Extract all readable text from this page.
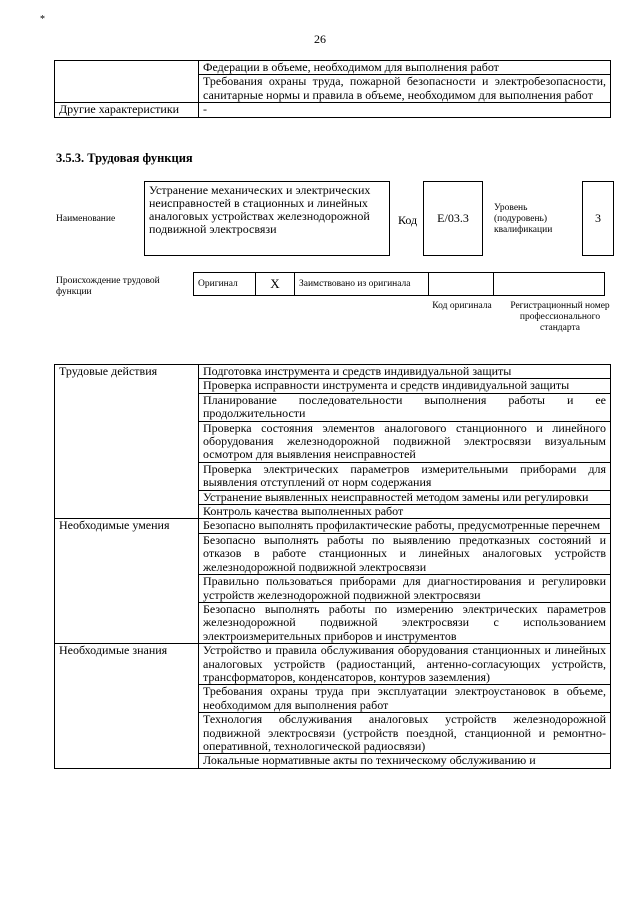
*
26
	Федерации в объеме, необходимом для выполнения работ
	Требования охраны труда, пожарной безопасности и электробезопасности, санитарные нормы и правила в объеме, необходимом для выполнения работ
Другие характеристики	-
3.5.3. Трудовая функция
Наименование
Устранение механических и электрических неисправностей в стационных и линейных аналоговых устройствах железнодорожной подвижной электросвязи
Код	E/03.3
Уровень (подуровень) квалификации
3
Происхождение трудовой функции
Оригинал	X	Заимствовано из оригинала		
Код оригинала	Регистрационный номер профессионального стандарта
Трудовые действия	Подготовка инструмента и средств индивидуальной защиты
	Проверка исправности инструмента и средств индивидуальной защиты
	Планирование последовательности выполнения работы и ее продолжительности
	Проверка состояния элементов аналогового станционного и линейного оборудования железнодорожной подвижной электросвязи визуальным осмотром для выявления неисправностей
	Проверка электрических параметров измерительными приборами для выявления отступлений от норм содержания
	Устранение выявленных неисправностей методом замены или регулировки
	Контроль качества выполненных работ
Необходимые умения	Безопасно выполнять профилактические работы, предусмотренные перечнем
	Безопасно выполнять работы по выявлению предотказных состояний и отказов в работе станционных и линейных аналоговых устройств железнодорожной подвижной электросвязи
	Правильно пользоваться приборами для диагностирования и регулировки устройств железнодорожной подвижной электросвязи
	Безопасно выполнять работы по измерению электрических параметров железнодорожной подвижной электросвязи с использованием электроизмерительных приборов и инструментов
Необходимые знания	Устройство и правила обслуживания оборудования станционных и линейных аналоговых устройств (радиостанций, антенно-согласующих устройств, трансформаторов, конденсаторов, контуров заземления)
	Требования охраны труда при эксплуатации электроустановок в объеме, необходимом для выполнения работ
	Технология обслуживания аналоговых устройств железнодорожной подвижной электросвязи (устройств поездной, станционной и ремонтно-оперативной, технологической радиосвязи)
	Локальные нормативные акты по техническому обслуживанию и
